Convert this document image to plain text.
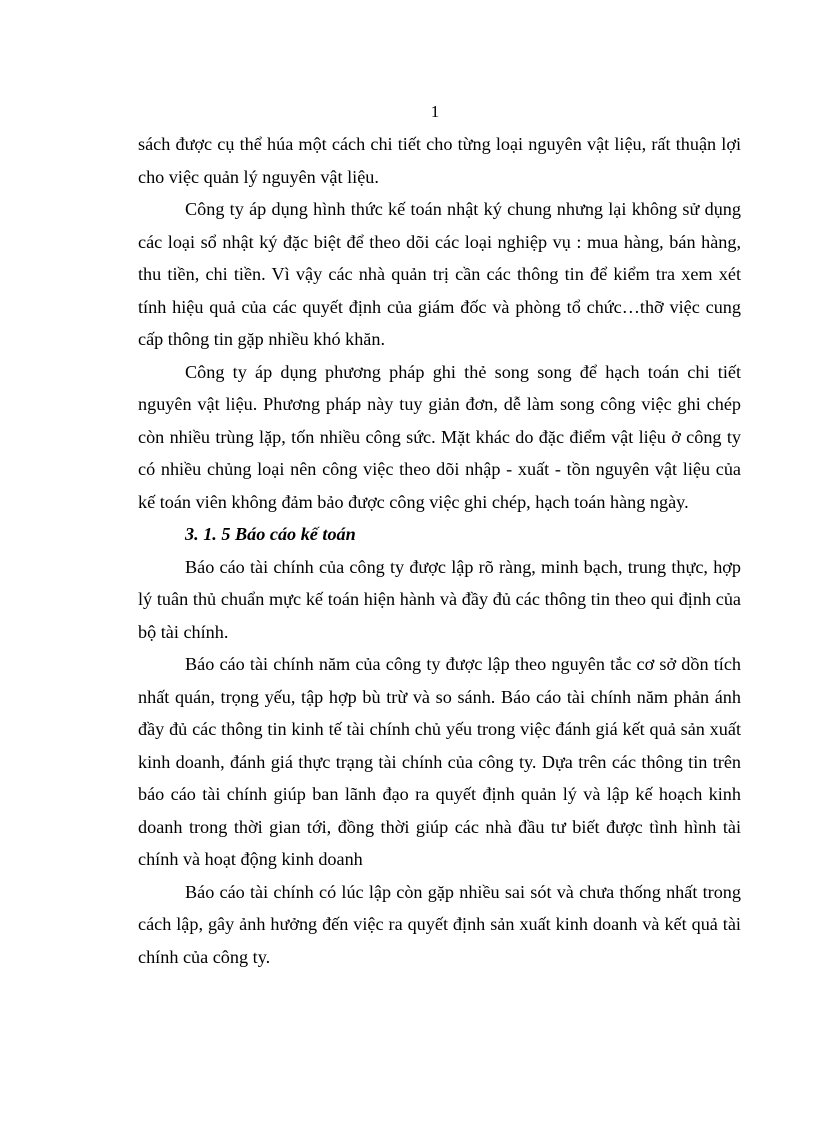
1

sách được cụ thể húa một cách chi tiết cho từng loại nguyên vật liệu, rất thuận lợi cho việc quản lý nguyên vật liệu.

Công ty áp dụng hình thức kế toán nhật ký chung nhưng lại không sử dụng các loại sổ nhật ký đặc biệt để theo dõi các loại nghiệp vụ : mua hàng, bán hàng, thu tiền, chi tiền. Vì vậy các nhà quản trị cần các thông tin để kiểm tra xem xét tính hiệu quả của các quyết định của giám đốc và phòng tổ chức…thỡ việc cung cấp thông tin gặp nhiều khó khăn.

Công ty áp dụng phương pháp ghi thẻ song song để hạch toán chi tiết nguyên vật liệu. Phương pháp này tuy giản đơn, dễ làm song công việc ghi chép còn nhiều trùng lặp, tốn nhiều công sức. Mặt khác do đặc điểm vật liệu ở công ty có nhiều chủng loại nên công việc theo dõi nhập - xuất - tồn nguyên vật liệu của kế toán viên không đảm bảo được công việc ghi chép, hạch toán hàng ngày.

3. 1. 5 Báo cáo kế toán

Báo cáo tài chính của công ty được lập rõ ràng, minh bạch, trung thực, hợp lý tuân thủ chuẩn mực kế toán hiện hành và đầy đủ các thông tin theo qui định của bộ tài chính.

Báo cáo tài chính năm của công ty được lập theo nguyên tắc cơ sở dồn tích nhất quán, trọng yếu, tập hợp bù trừ và so sánh. Báo cáo tài chính năm phản ánh đầy đủ các thông tin kinh tế tài chính chủ yếu trong việc đánh giá kết quả sản xuất kinh doanh, đánh giá thực trạng tài chính của công ty. Dựa trên các thông tin trên báo cáo tài chính giúp ban lãnh đạo ra quyết định quản lý và lập kế hoạch kinh doanh trong thời gian tới, đồng thời giúp các nhà đầu tư biết được tình hình tài chính và hoạt động kinh doanh

Báo cáo tài chính có lúc lập còn gặp nhiều sai sót và chưa thống nhất trong cách lập, gây ảnh hưởng đến việc ra quyết định sản xuất kinh doanh và kết quả tài chính của công ty.
